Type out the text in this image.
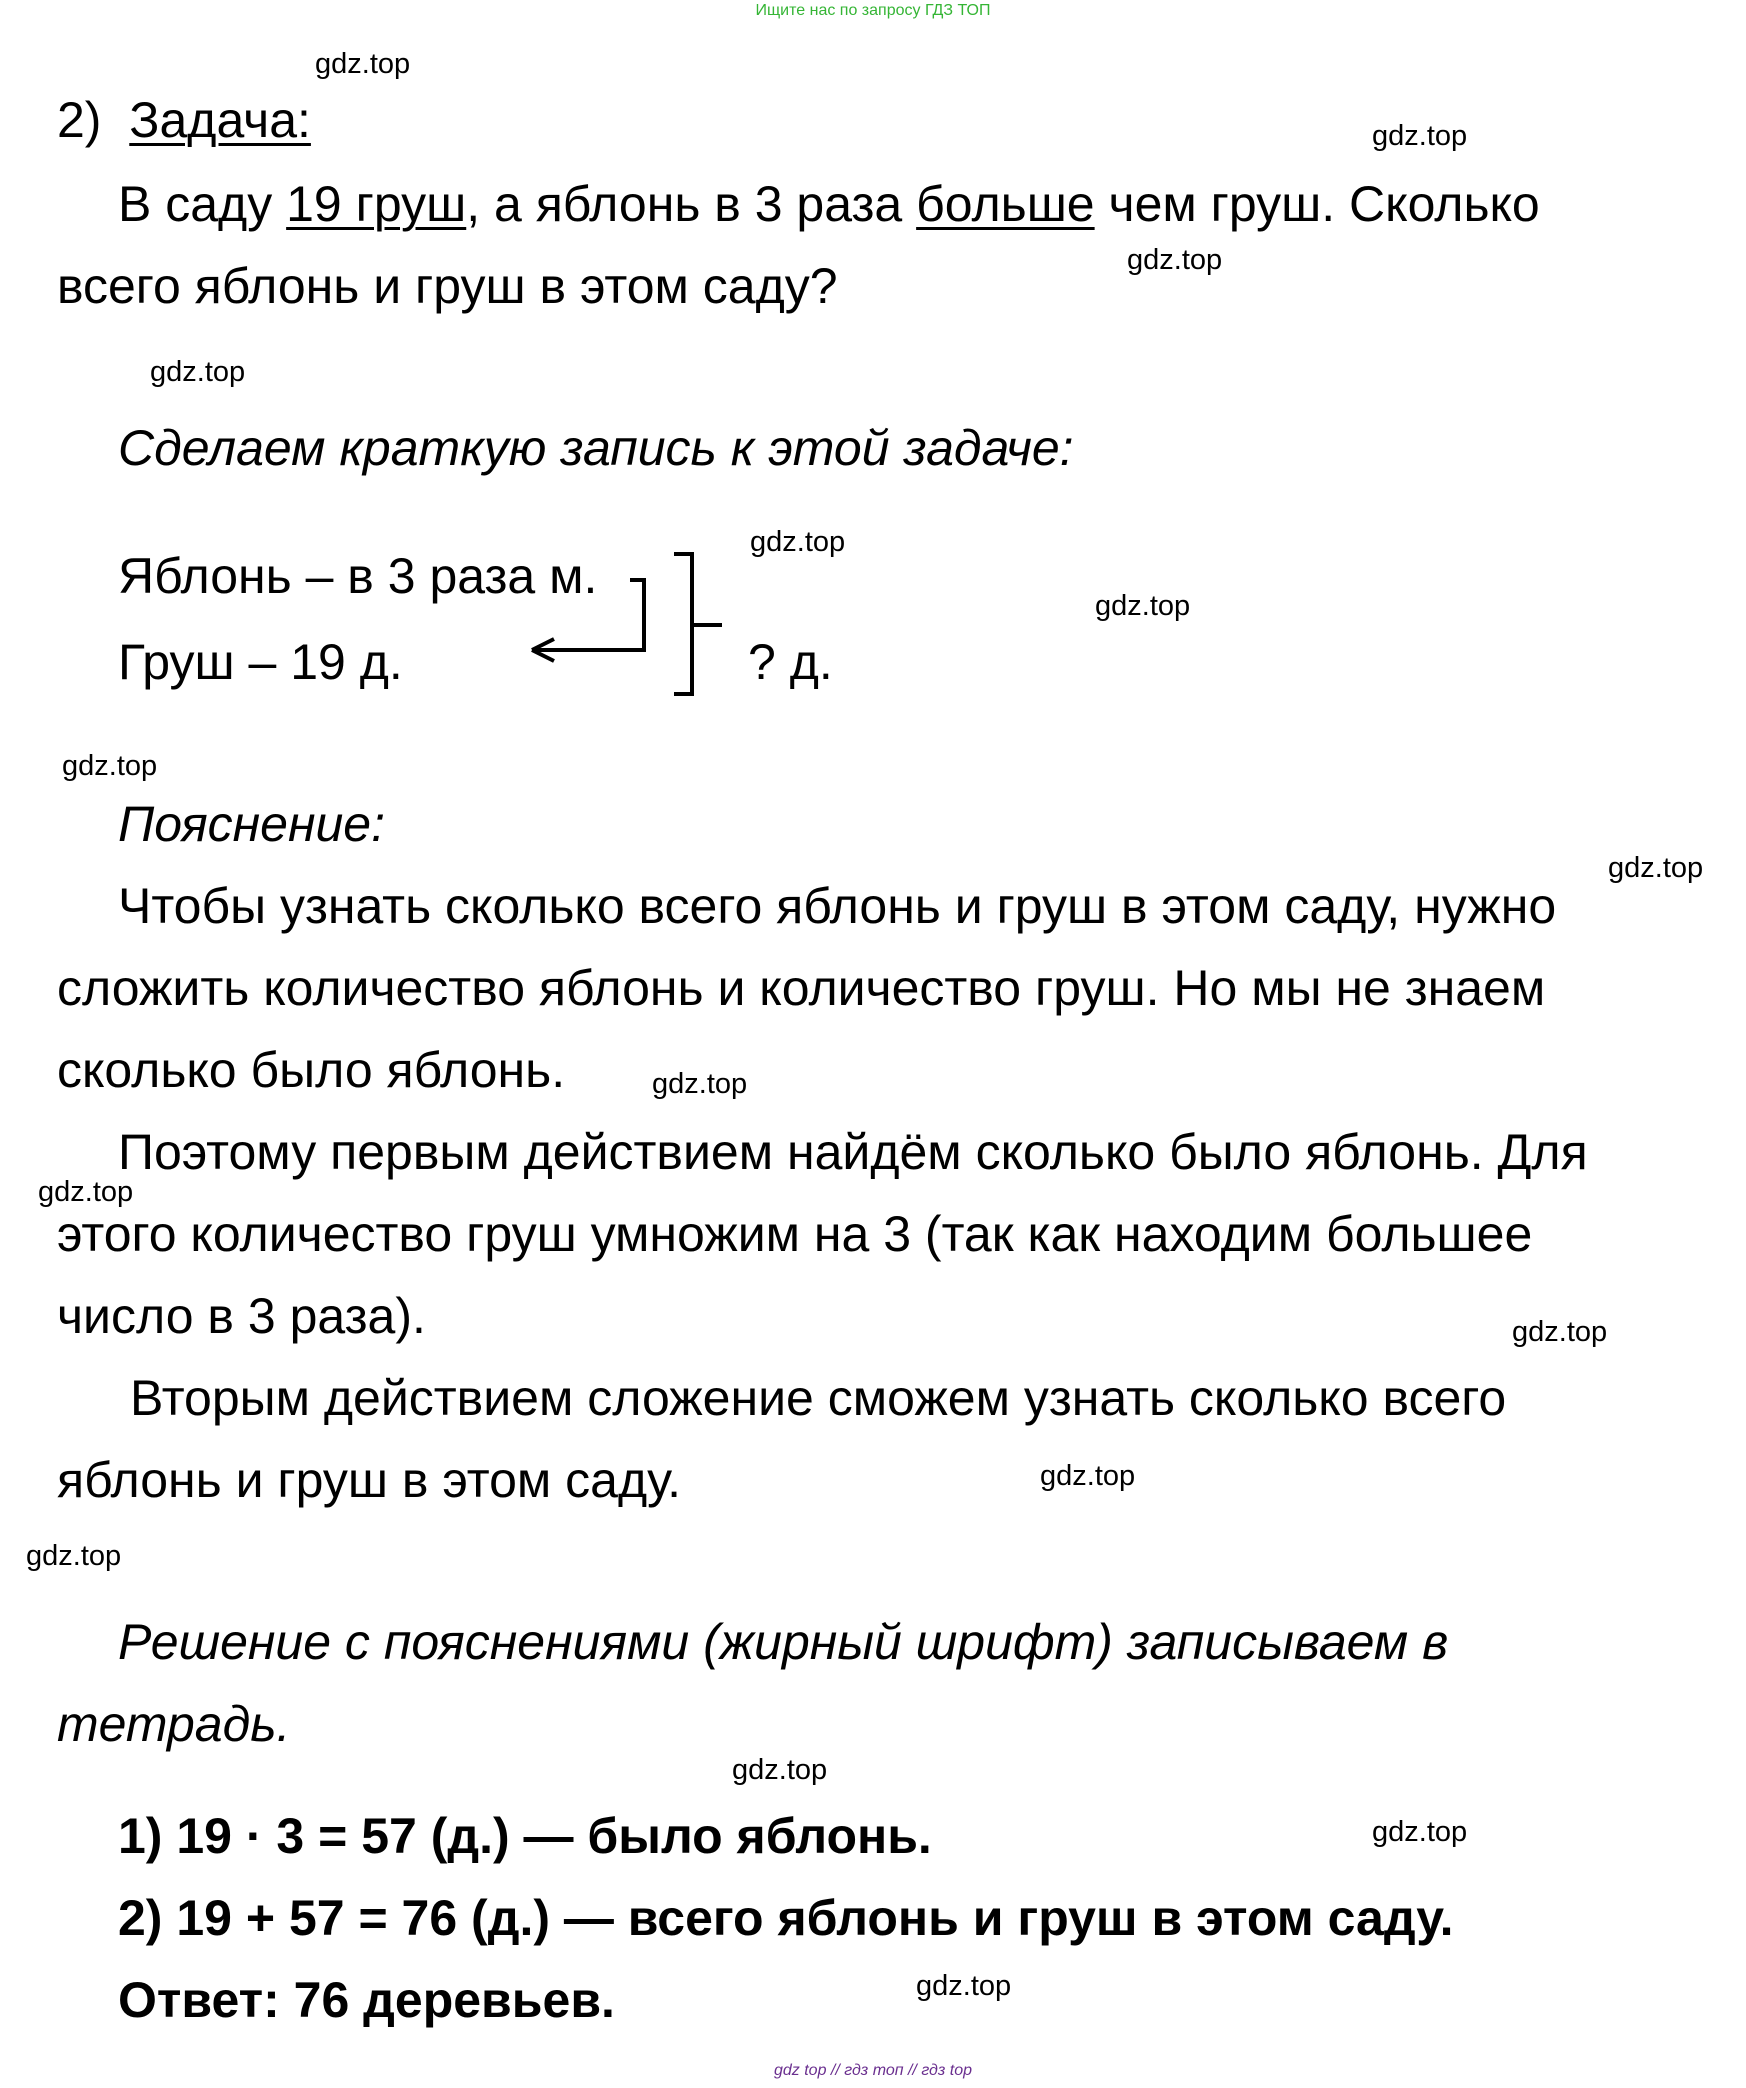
Ищите нас по запросу ГДЗ ТОП
gdz.top
gdz.top
gdz.top
gdz.top
gdz.top
gdz.top
gdz.top
gdz.top
gdz.top
gdz.top
gdz.top
gdz.top
gdz.top
gdz.top
gdz.top
gdz.top
2) Задача:
В саду 19 груш, а яблонь в 3 раза больше чем груш. Сколько
всего яблонь и груш в этом саду?
Сделаем краткую запись к этой задаче:
Яблонь – в 3 раза м.
Груш – 19 д.	? д.
Пояснение:
Чтобы узнать сколько всего яблонь и груш в этом саду, нужно
сложить количество яблонь и количество груш. Но мы не знаем
сколько было яблонь.
Поэтому первым действием найдём сколько было яблонь. Для
этого количество груш умножим на 3 (так как находим большее
число в 3 раза).
Вторым действием сложение сможем узнать сколько всего
яблонь и груш в этом саду.
Решение с пояснениями (жирный шрифт) записываем в
тетрадь.
1) 19 · 3 = 57 (д.) — было яблонь.
2) 19 + 57 = 76 (д.) — всего яблонь и груш в этом саду.
Ответ: 76 деревьев.
gdz top // гдз топ // гдз top
